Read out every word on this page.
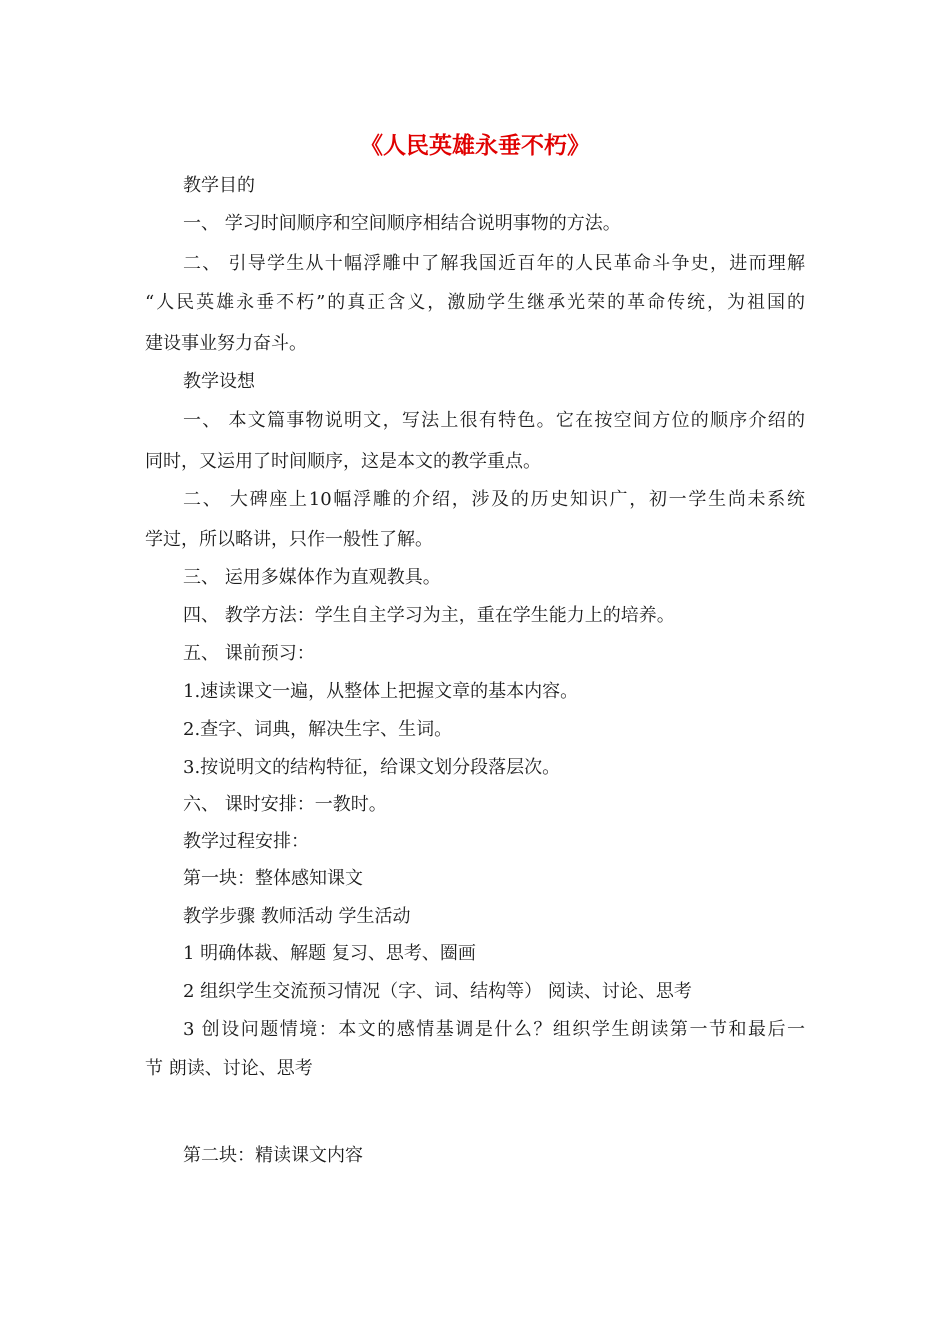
《人民英雄永垂不朽》
教学目的
一、 学习时间顺序和空间顺序相结合说明事物的方法。
二、 引导学生从十幅浮雕中了解我国近百年的人民革命斗争史，进而理解
“人民英雄永垂不朽”的真正含义，激励学生继承光荣的革命传统，为祖国的
建设事业努力奋斗。
教学设想
一、 本文篇事物说明文，写法上很有特色。它在按空间方位的顺序介绍的
同时，又运用了时间顺序，这是本文的教学重点。
二、 大碑座上10幅浮雕的介绍，涉及的历史知识广，初一学生尚未系统
学过，所以略讲，只作一般性了解。
三、 运用多媒体作为直观教具。
四、 教学方法：学生自主学习为主，重在学生能力上的培养。
五、 课前预习：
1.速读课文一遍，从整体上把握文章的基本内容。
2.查字、词典，解决生字、生词。
3.按说明文的结构特征，给课文划分段落层次。
六、 课时安排：一教时。
教学过程安排：
第一块：整体感知课文
教学步骤 教师活动 学生活动
1 明确体裁、解题 复习、思考、圈画
2 组织学生交流预习情况（字、词、结构等） 阅读、讨论、思考
3 创设问题情境：本文的感情基调是什么？组织学生朗读第一节和最后一
节 朗读、讨论、思考
第二块：精读课文内容
